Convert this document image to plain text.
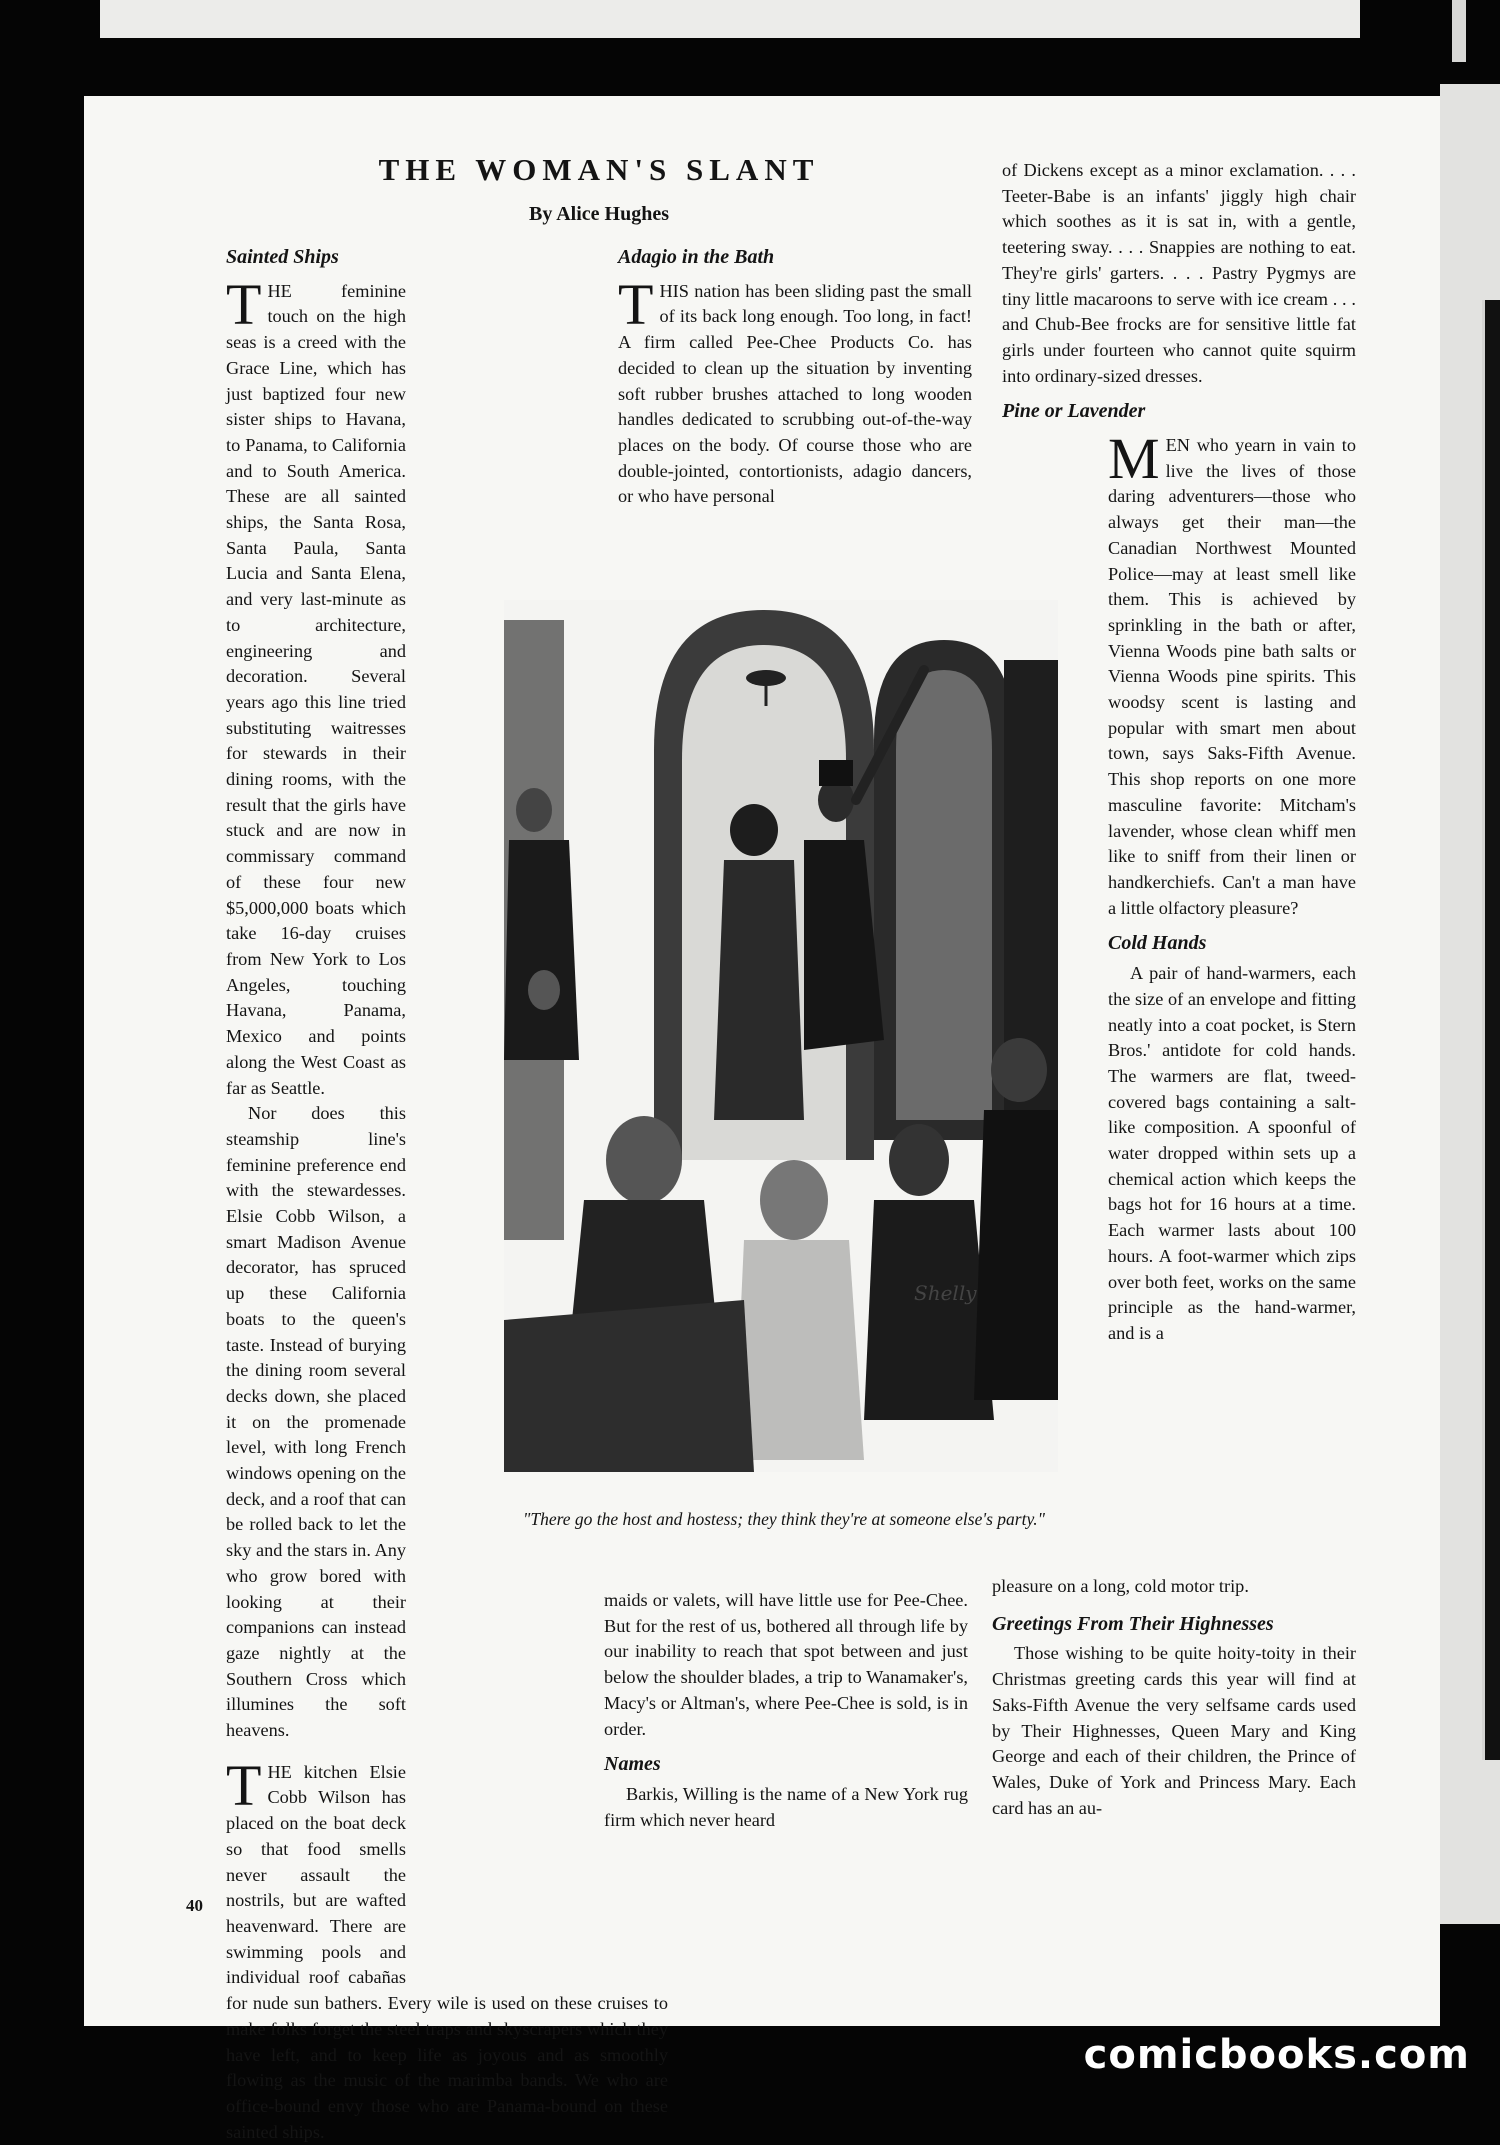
THE WOMAN'S SLANT
By Alice Hughes

Sainted Ships

T HE feminine touch on the high seas is a creed with the Grace Line, which has just baptized four new sister ships to Havana, to Panama, to California and to South America. These are all sainted ships, the Santa Rosa, Santa Paula, Santa Lucia and Santa Elena, and very last-minute as to architecture, engineering and decoration. Several years ago this line tried substituting waitresses for stewards in their dining rooms, with the result that the girls have stuck and are now in commissary command of these four new $5,000,000 boats which take 16-day cruises from New York to Los Angeles, touching Havana, Panama, Mexico and points along the West Coast as far as Seattle.

Nor does this steamship line's feminine preference end with the stewardesses. Elsie Cobb Wilson, a smart Madison Avenue decorator, has spruced up these California boats to the queen's taste. Instead of burying the dining room several decks down, she placed it on the promenade level, with long French windows opening on the deck, and a roof that can be rolled back to let the sky and the stars in. Any who grow bored with looking at their companions can instead gaze nightly at the Southern Cross which illumines the soft heavens.

T HE kitchen Elsie Cobb Wilson has placed on the boat deck so that food smells never assault the nostrils, but are wafted heavenward. There are swimming pools and individual roof cabañas for nude sun bathers. Every wile is used on these cruises to make folks forget the steel traps and skyscrapers which they have left, and to keep life as joyous and as smoothly flowing as the music of the marimba bands. We who are office-bound envy those who are Panama-bound on these sainted ships.

Adagio in the Bath

T HIS nation has been sliding past the small of its back long enough. Too long, in fact! A firm called Pee-Chee Products Co. has decided to clean up the situation by inventing soft rubber brushes attached to long wooden handles dedicated to scrubbing out-of-the-way places on the body. Of course those who are double-jointed, contortionists, adagio dancers, or who have personal

maids or valets, will have little use for Pee-Chee. But for the rest of us, bothered all through life by our inability to reach that spot between and just below the shoulder blades, a trip to Wanamaker's, Macy's or Altman's, where Pee-Chee is sold, is in order.

Names

Barkis, Willing is the name of a New York rug firm which never heard

of Dickens except as a minor exclamation. . . . Teeter-Babe is an infants' jiggly high chair which soothes as it is sat in, with a gentle, teetering sway. . . . Snappies are nothing to eat. They're girls' garters. . . . Pastry Pygmys are tiny little macaroons to serve with ice cream . . . and Chub-Bee frocks are for sensitive little fat girls under fourteen who cannot quite squirm into ordinary-sized dresses.

Pine or Lavender

M EN who yearn in vain to live the lives of those daring adventurers—those who always get their man—the Canadian Northwest Mounted Police—may at least smell like them. This is achieved by sprinkling in the bath or after, Vienna Woods pine bath salts or Vienna Woods pine spirits. This woodsy scent is lasting and popular with smart men about town, says Saks-Fifth Avenue. This shop reports on one more masculine favorite: Mitcham's lavender, whose clean whiff men like to sniff from their linen or handkerchiefs. Can't a man have a little olfactory pleasure?

Cold Hands

A pair of hand-warmers, each the size of an envelope and fitting neatly into a coat pocket, is Stern Bros.' antidote for cold hands. The warmers are flat, tweed-covered bags containing a salt-like composition. A spoonful of water dropped within sets up a chemical action which keeps the bags hot for 16 hours at a time. Each warmer lasts about 100 hours. A foot-warmer which zips over both feet, works on the same principle as the hand-warmer, and is a

pleasure on a long, cold motor trip.

Greetings From Their Highnesses

Those wishing to be quite hoity-toity in their Christmas greeting cards this year will find at Saks-Fifth Avenue the very selfsame cards used by Their Highnesses, Queen Mary and King George and each of their children, the Prince of Wales, Duke of York and Princess Mary. Each card has an au-

Shelly
"There go the host and hostess; they think they're at someone else's party."
40
comicbooks.com
